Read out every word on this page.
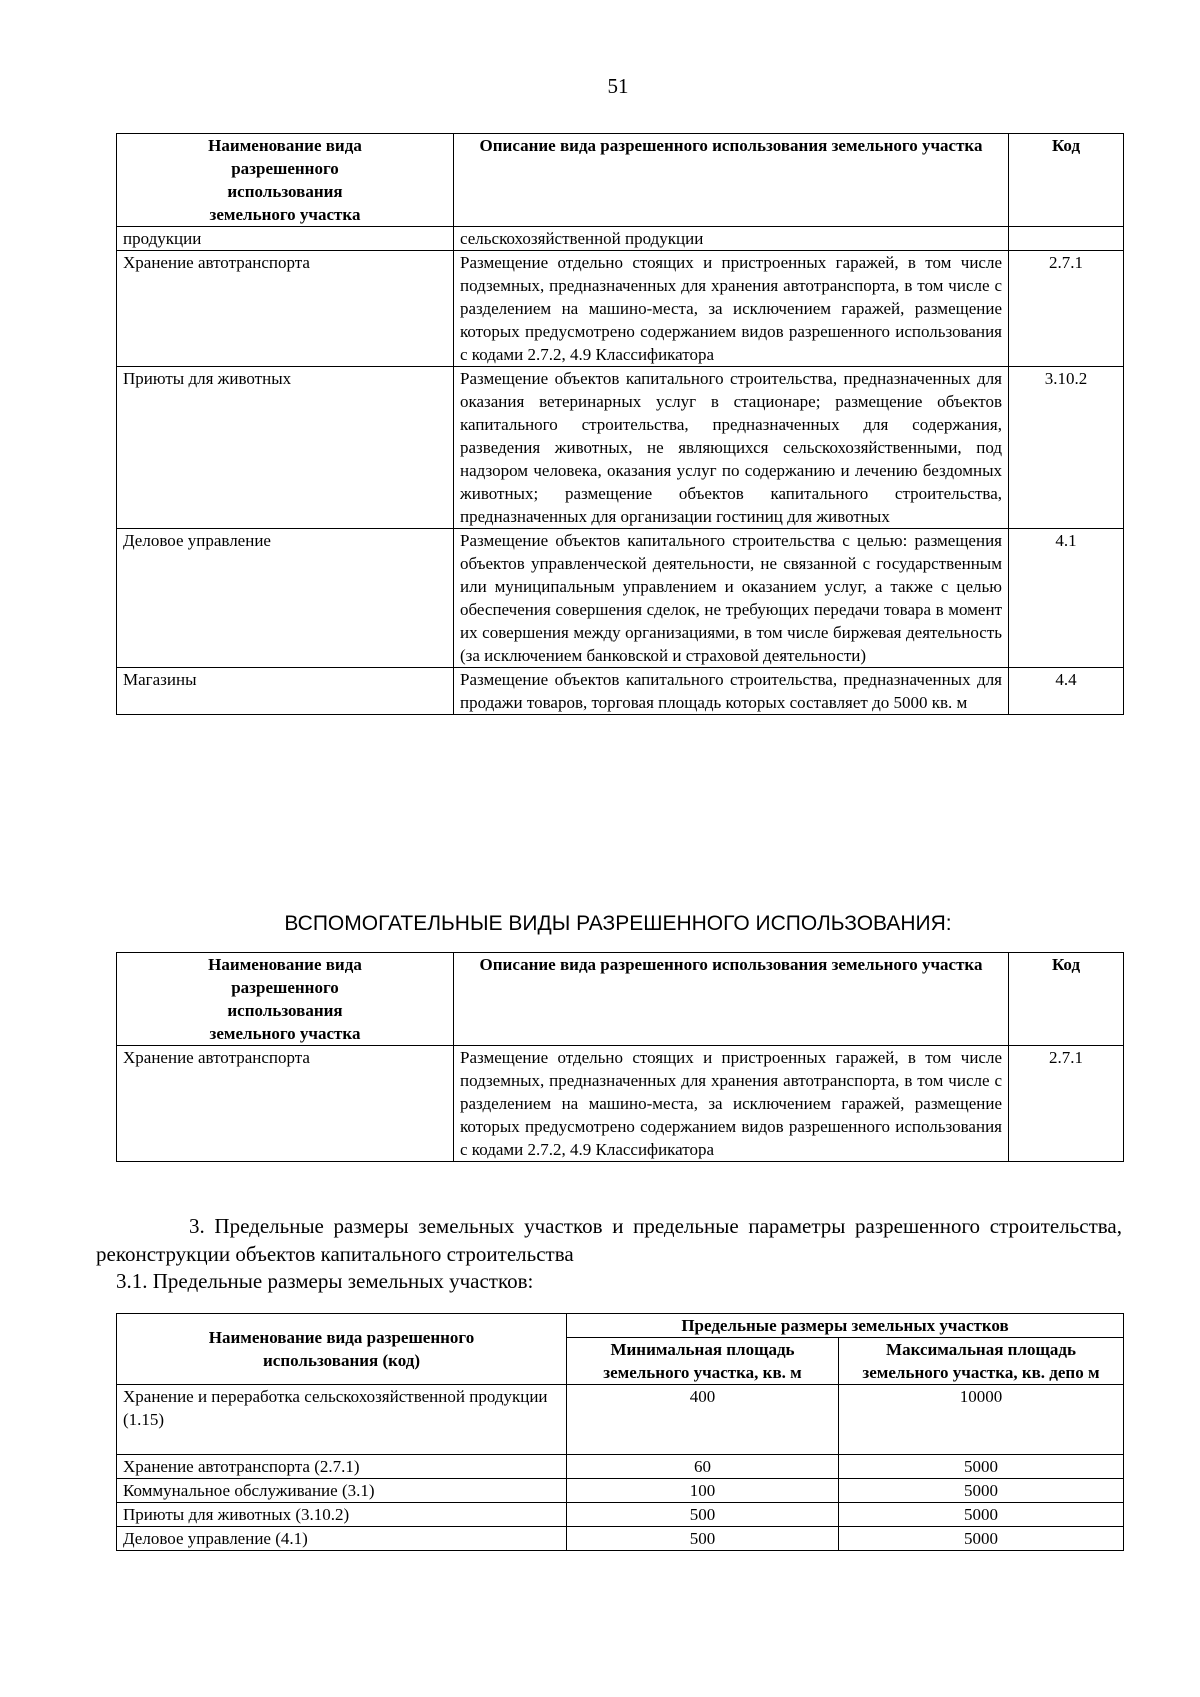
51
Наименование вида разрешенного использования земельного участка	Описание вида разрешенного использования земельного участка	Код
продукции	сельскохозяйственной продукции	
Хранение автотранспорта	Размещение отдельно стоящих и пристроенных гаражей, в том числе подземных, предназначенных для хранения автотранспорта, в том числе с разделением на машино-места, за исключением гаражей, размещение которых предусмотрено содержанием видов разрешенного использования с кодами 2.7.2, 4.9 Классификатора	2.7.1
Приюты для животных	Размещение объектов капитального строительства, предназначенных для оказания ветеринарных услуг в стационаре; размещение объектов капитального строительства, предназначенных для содержания, разведения животных, не являющихся сельскохозяйственными, под надзором человека, оказания услуг по содержанию и лечению бездомных животных; размещение объектов капитального строительства, предназначенных для организации гостиниц для животных	3.10.2
Деловое управление	Размещение объектов капитального строительства с целью: размещения объектов управленческой деятельности, не связанной с государственным или муниципальным управлением и оказанием услуг, а также с целью обеспечения совершения сделок, не требующих передачи товара в момент их совершения между организациями, в том числе биржевая деятельность (за исключением банковской и страховой деятельности)	4.1
Магазины	Размещение объектов капитального строительства, предназначенных для продажи товаров, торговая площадь которых составляет до 5000 кв. м	4.4
ВСПОМОГАТЕЛЬНЫЕ ВИДЫ РАЗРЕШЕННОГО ИСПОЛЬЗОВАНИЯ:
Наименование вида разрешенного использования земельного участка	Описание вида разрешенного использования земельного участка	Код
Хранение автотранспорта	Размещение отдельно стоящих и пристроенных гаражей, в том числе подземных, предназначенных для хранения автотранспорта, в том числе с разделением на машино-места, за исключением гаражей, размещение которых предусмотрено содержанием видов разрешенного использования с кодами 2.7.2, 4.9 Классификатора	2.7.1
3. Предельные размеры земельных участков и предельные параметры разрешенного строительства, реконструкции объектов капитального строительства
3.1. Предельные размеры земельных участков:
Наименование вида разрешенного использования (код)	Предельные размеры земельных участков	
	Минимальная площадь земельного участка, кв. м	Максимальная площадь земельного участка, кв. депо м
Хранение и переработка сельскохозяйственной продукции (1.15)	400	10000
Хранение автотранспорта (2.7.1)	60	5000
Коммунальное обслуживание (3.1)	100	5000
Приюты для животных (3.10.2)	500	5000
Деловое управление (4.1)	500	5000
